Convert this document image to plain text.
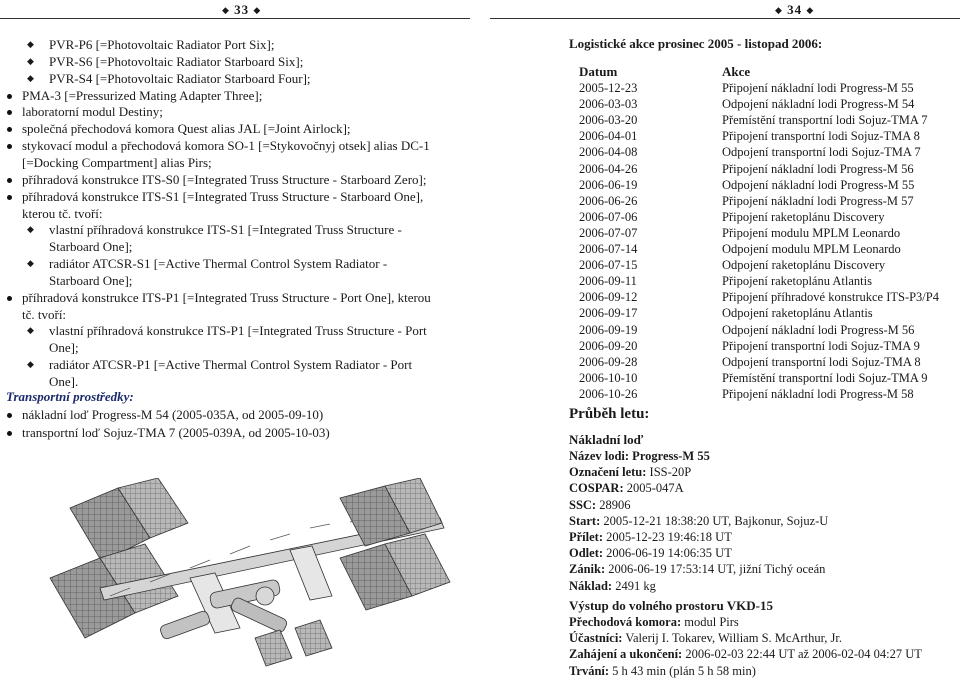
◆ 33 ◆	◆ 34 ◆
◆ PVR-P6 [=Photovoltaic Radiator Port Six];
◆ PVR-S6 [=Photovoltaic Radiator Starboard Six];
◆ PVR-S4 [=Photovoltaic Radiator Starboard Four];
PMA-3 [=Pressurized Mating Adapter Three];
laboratorní modul Destiny;
společná přechodová komora Quest alias JAL [=Joint Airlock];
stykovací modul a přechodová komora SO-1 [=Stykovočnyj otsek] alias DC-1
[=Docking Compartment] alias Pirs;
příhradová konstrukce ITS-S0 [=Integrated Truss Structure - Starboard Zero];
příhradová konstrukce ITS-S1 [=Integrated Truss Structure - Starboard One],
kterou tč. tvoří:
◆ vlastní příhradová konstrukce ITS-S1 [=Integrated Truss Structure -
Starboard One];
◆ radiátor ATCSR-S1 [=Active Thermal Control System Radiator -
Starboard One];
příhradová konstrukce ITS-P1 [=Integrated Truss Structure - Port One], kterou
tč. tvoří:
◆ vlastní příhradová konstrukce ITS-P1 [=Integrated Truss Structure - Port
One];
◆ radiátor ATCSR-P1 [=Active Thermal Control System Radiator - Port
One].
Transportní prostředky:
nákladní loď Progress-M 54 (2005-035A, od 2005-09-10)
transportní loď Sojuz-TMA 7 (2005-039A, od 2005-10-03)
Logistické akce prosinec 2005 - listopad 2006:
Datum	Akce
2005-12-23	Připojení nákladní lodi Progress-M 55
2006-03-03	Odpojení nákladní lodi Progress-M 54
2006-03-20	Přemístění transportní lodi Sojuz-TMA 7
2006-04-01	Připojení transportní lodi Sojuz-TMA 8
2006-04-08	Odpojení transportní lodi Sojuz-TMA 7
2006-04-26	Připojení nákladní lodi Progress-M 56
2006-06-19	Odpojení nákladní lodi Progress-M 55
2006-06-26	Připojení nákladní lodi Progress-M 57
2006-07-06	Připojení raketoplánu Discovery
2006-07-07	Připojení modulu MPLM Leonardo
2006-07-14	Odpojení modulu MPLM Leonardo
2006-07-15	Odpojení raketoplánu Discovery
2006-09-11	Připojení raketoplánu Atlantis
2006-09-12	Připojení příhradové konstrukce ITS-P3/P4
2006-09-17	Odpojení raketoplánu Atlantis
2006-09-19	Odpojení nákladní lodi Progress-M 56
2006-09-20	Připojení transportní lodi Sojuz-TMA 9
2006-09-28	Odpojení transportní lodi Sojuz-TMA 8
2006-10-10	Přemístění transportní lodi Sojuz-TMA 9
2006-10-26	Připojení nákladní lodi Progress-M 58
Průběh letu:
Nákladní loď
Název lodi: Progress-M 55
Označení letu: ISS-20P
COSPAR: 2005-047A
SSC: 28906
Start: 2005-12-21 18:38:20 UT, Bajkonur, Sojuz-U
Přílet: 2005-12-23 19:46:18 UT
Odlet: 2006-06-19 14:06:35 UT
Zánik: 2006-06-19 17:53:14 UT, jižní Tichý oceán
Náklad: 2491 kg
Výstup do volného prostoru VKD-15
Přechodová komora: modul Pirs
Účastníci: Valerij I. Tokarev, William S. McArthur, Jr.
Zahájení a ukončení: 2006-02-03 22:44 UT až 2006-02-04 04:27 UT
Trvání: 5 h 43 min (plán 5 h 58 min)
